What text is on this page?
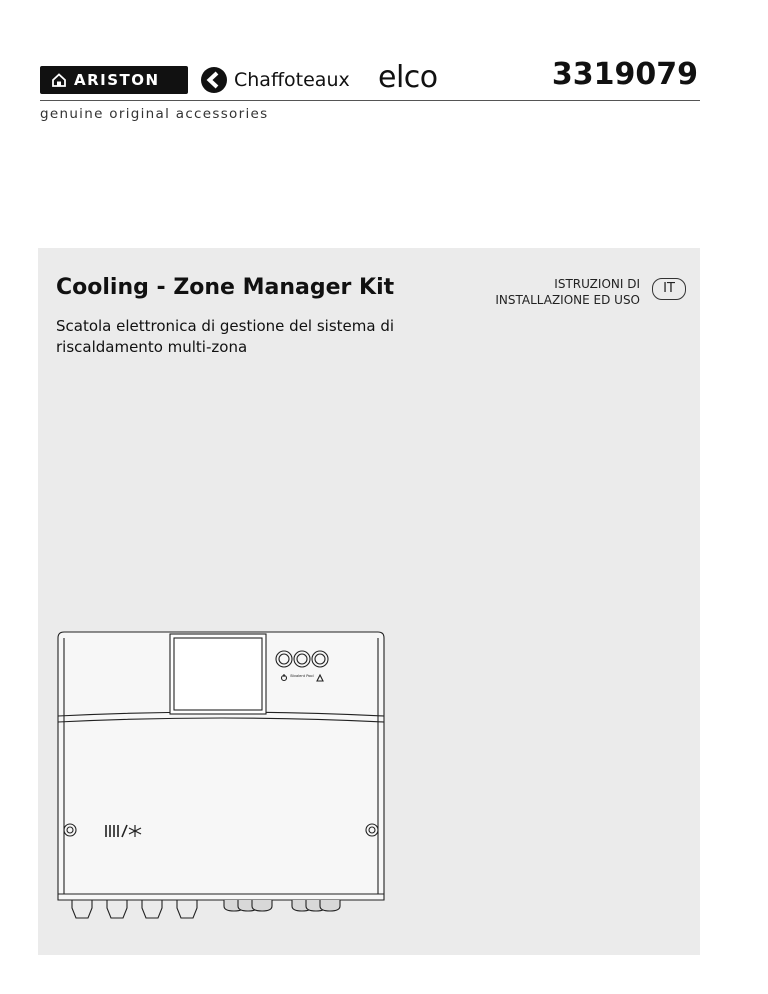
ARISTON	Chaffoteaux elco	3319079
genuine original accessories
Cooling - Zone Manager Kit
Scatola elettronica di gestione del sistema di riscaldamento multi-zona
ISTRUZIONI DI
INSTALLAZIONE ED USO
IT
Bivalent Pool
